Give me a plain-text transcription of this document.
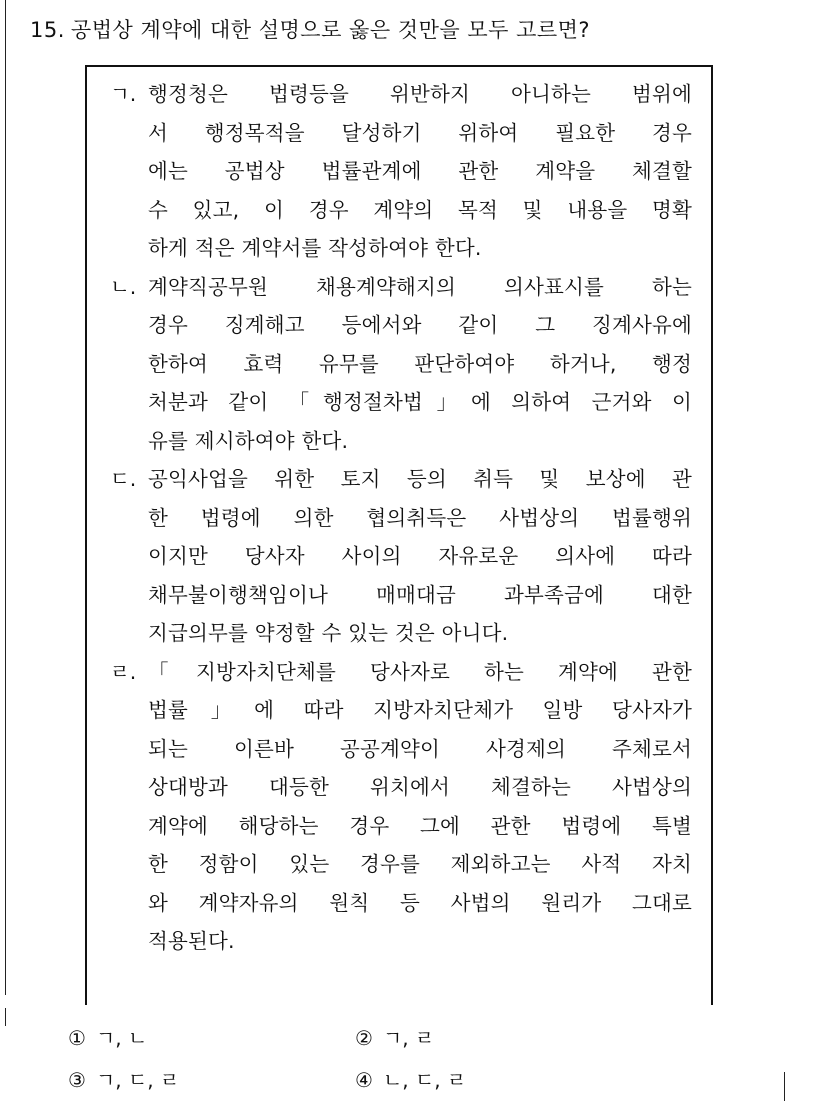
15. 공법상 계약에 대한 설명으로 옳은 것만을 모두 고르면?
ㄱ. 행정청은 법령등을 위반하지 아니하는 범위에
서 행정목적을 달성하기 위하여 필요한 경우
에는 공법상 법률관계에 관한 계약을 체결할
수 있고, 이 경우 계약의 목적 및 내용을 명확
하게 적은 계약서를 작성하여야 한다.
ㄴ. 계약직공무원 채용계약해지의 의사표시를 하는
경우 징계해고 등에서와 같이 그 징계사유에
한하여 효력 유무를 판단하여야 하거나, 행정
처분과 같이 「행정절차법」에 의하여 근거와 이
유를 제시하여야 한다.
ㄷ. 공익사업을 위한 토지 등의 취득 및 보상에 관
한 법령에 의한 협의취득은 사법상의 법률행위
이지만 당사자 사이의 자유로운 의사에 따라
채무불이행책임이나 매매대금 과부족금에 대한
지급의무를 약정할 수 있는 것은 아니다.
ㄹ. 「지방자치단체를 당사자로 하는 계약에 관한
법률」에 따라 지방자치단체가 일방 당사자가
되는 이른바 공공계약이 사경제의 주체로서
상대방과 대등한 위치에서 체결하는 사법상의
계약에 해당하는 경우 그에 관한 법령에 특별
한 정함이 있는 경우를 제외하고는 사적 자치
와 계약자유의 원칙 등 사법의 원리가 그대로
적용된다.
① ㄱ, ㄴ	② ㄱ, ㄹ
③ ㄱ, ㄷ, ㄹ	④ ㄴ, ㄷ, ㄹ
